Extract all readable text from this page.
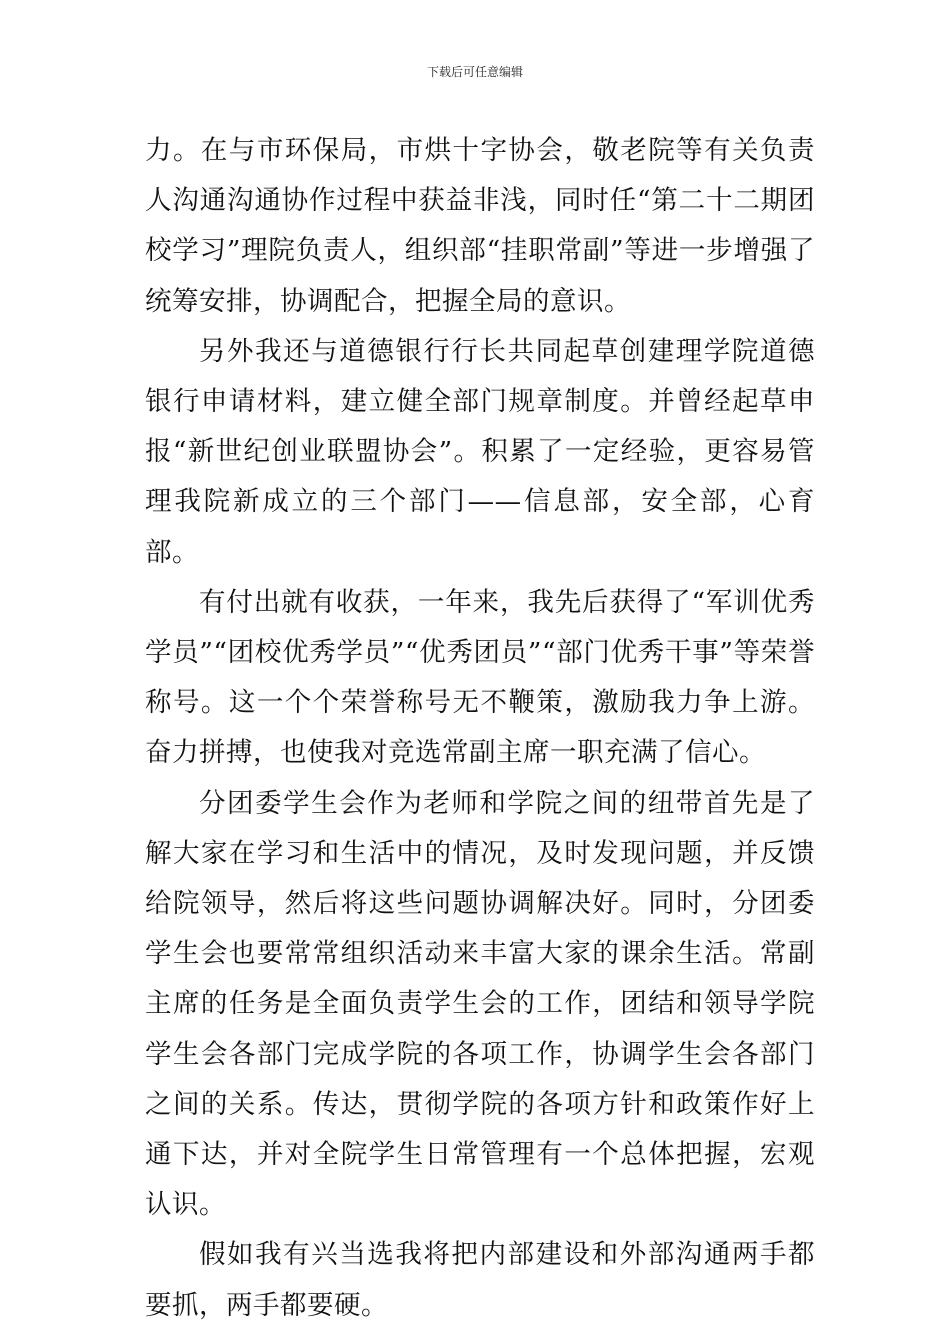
下载后可任意编辑

力。在与市环保局，市烘十字协会，敬老院等有关负责人沟通沟通协作过程中获益非浅，同时任“第二十二期团校学习”理院负责人，组织部“挂职常副”等进一步增强了统筹安排，协调配合，把握全局的意识。

另外我还与道德银行行长共同起草创建理学院道德银行申请材料，建立健全部门规章制度。并曾经起草申报“新世纪创业联盟协会”。积累了一定经验，更容易管理我院新成立的三个部门——信息部，安全部，心育部。

有付出就有收获，一年来，我先后获得了“军训优秀学员”“团校优秀学员”“优秀团员”“部门优秀干事”等荣誉称号。这一个个荣誉称号无不鞭策，激励我力争上游。奋力拼搏，也使我对竞选常副主席一职充满了信心。

分团委学生会作为老师和学院之间的纽带首先是了解大家在学习和生活中的情况，及时发现问题，并反馈给院领导，然后将这些问题协调解决好。同时，分团委学生会也要常常组织活动来丰富大家的课余生活。常副主席的任务是全面负责学生会的工作，团结和领导学院学生会各部门完成学院的各项工作，协调学生会各部门之间的关系。传达，贯彻学院的各项方针和政策作好上通下达，并对全院学生日常管理有一个总体把握，宏观认识。

假如我有兴当选我将把内部建设和外部沟通两手都要抓，两手都要硬。
